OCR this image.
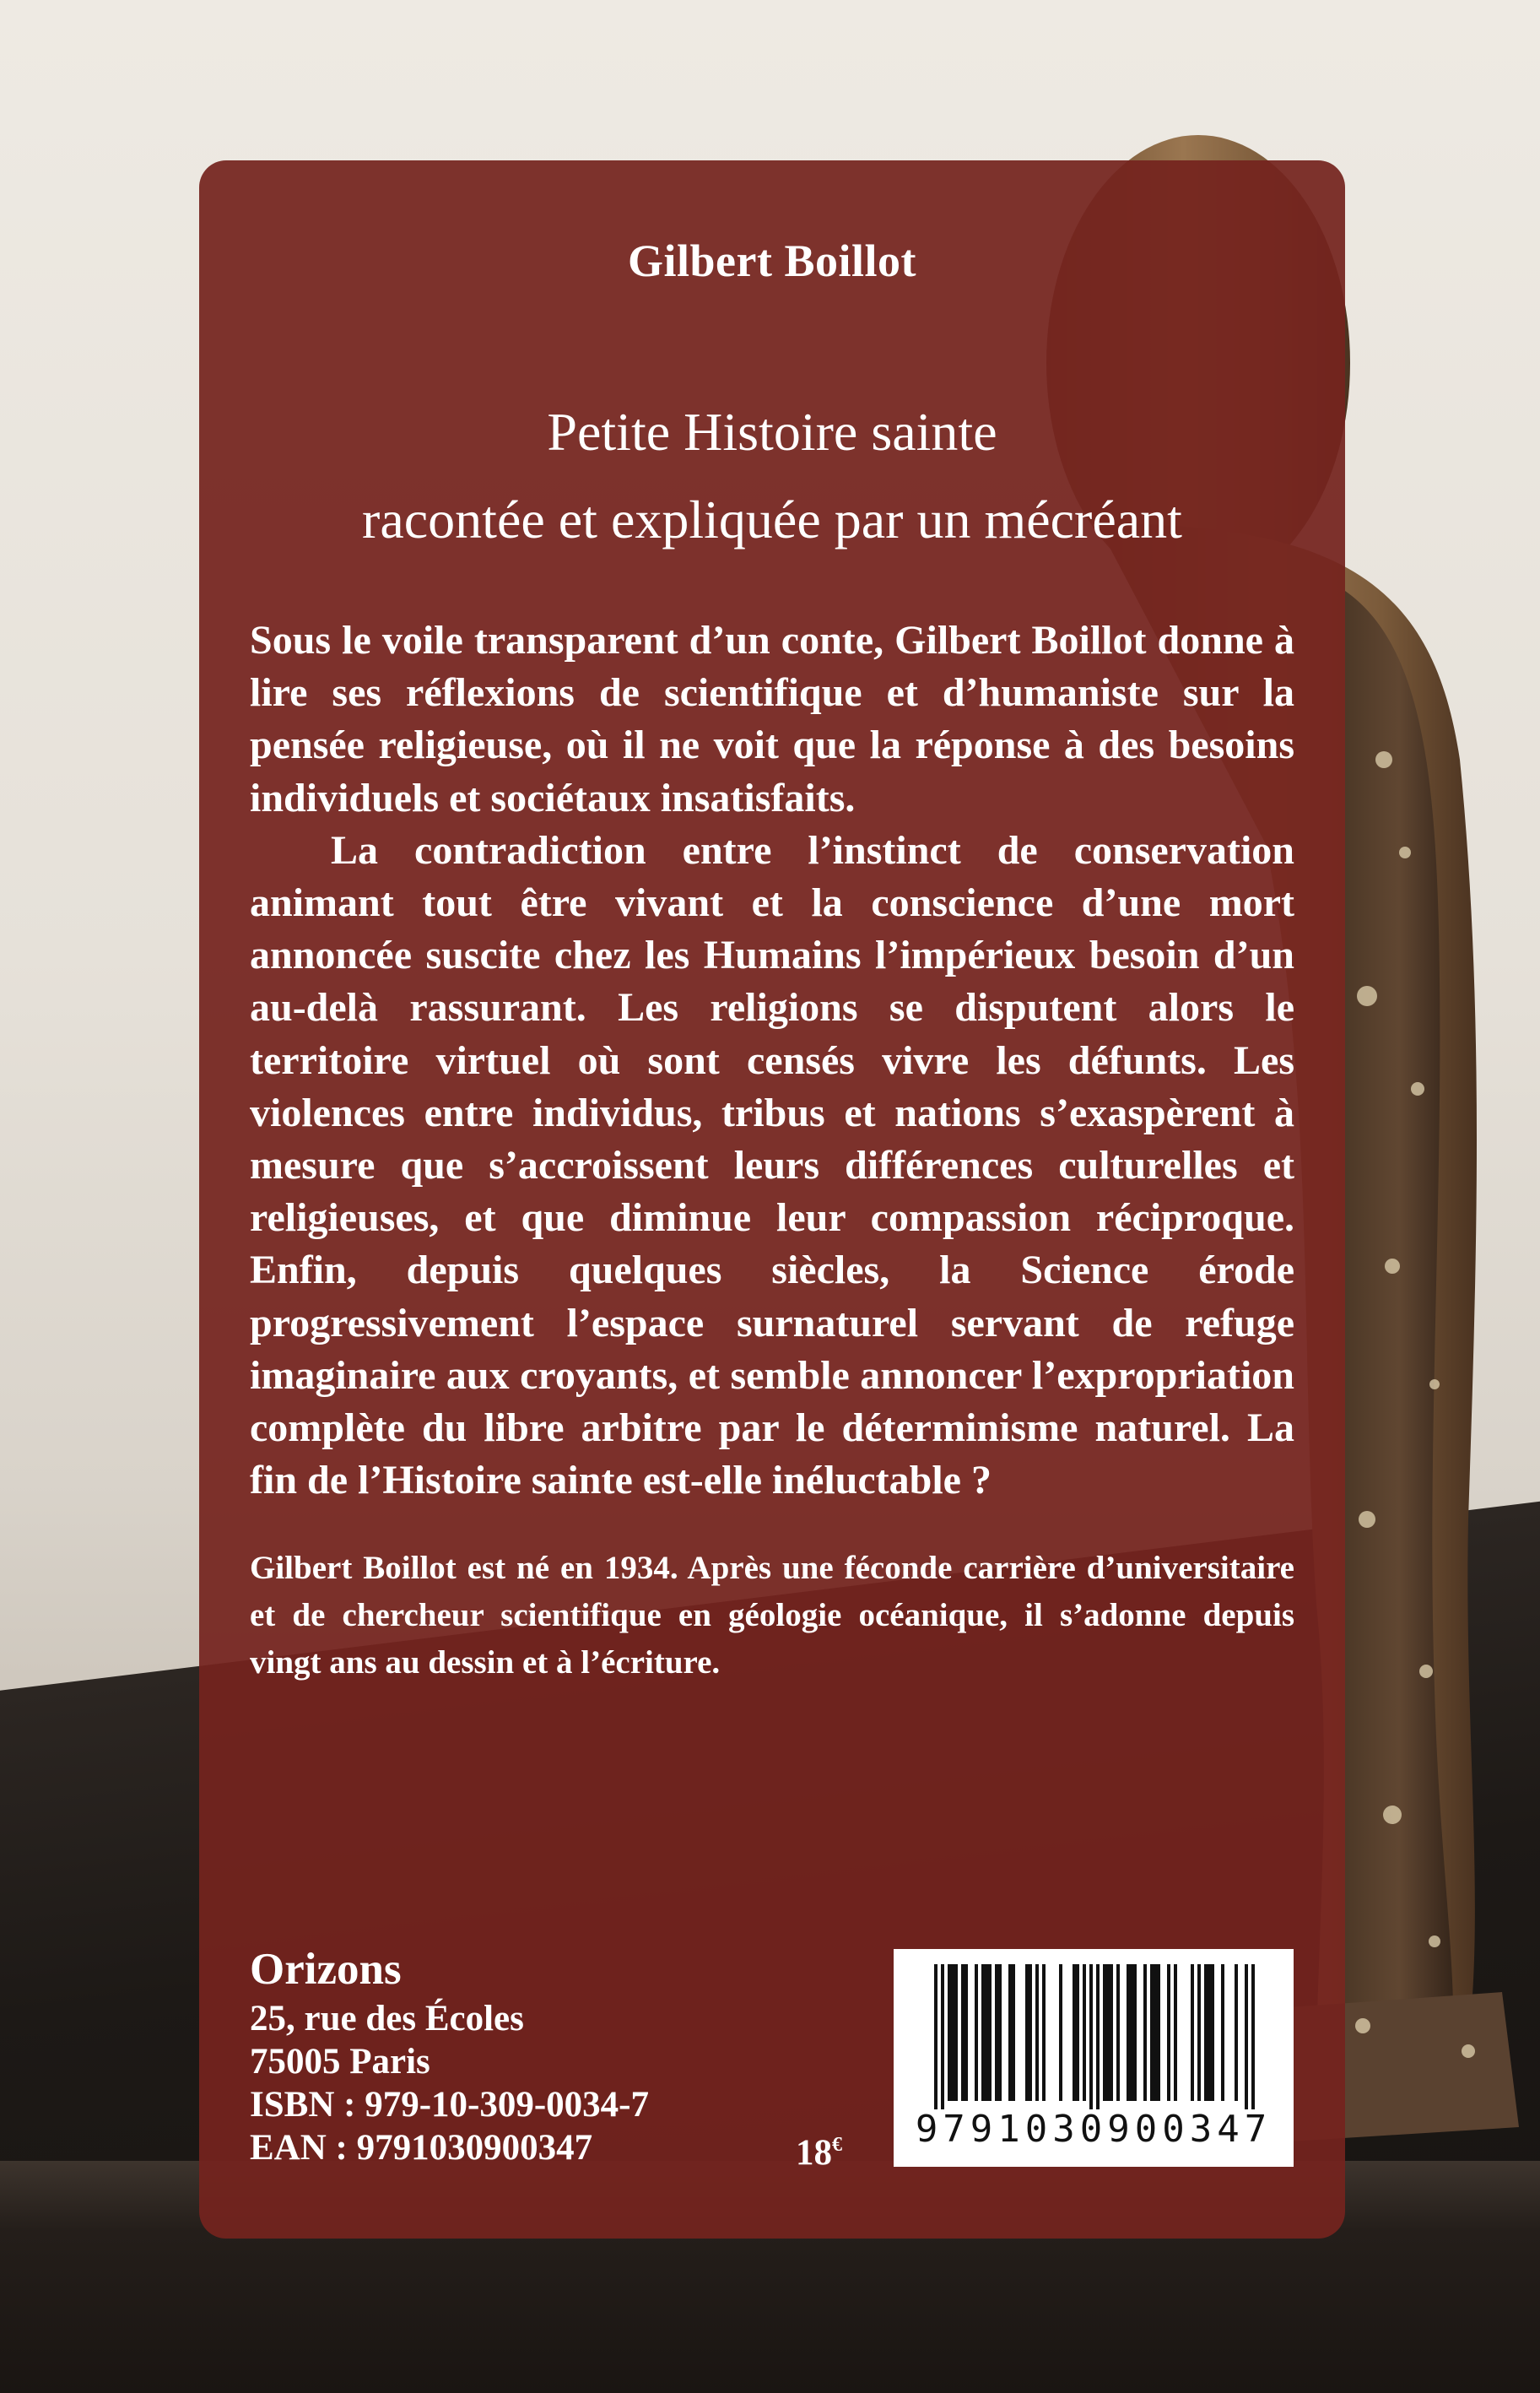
Gilbert Boillot
Petite Histoire sainte
racontée et expliquée par un mécréant

Sous le voile transparent d’un conte, Gilbert Boillot donne à lire ses réflexions de scientifique et d’humaniste sur la pensée religieuse, où il ne voit que la réponse à des besoins individuels et sociétaux insatisfaits.

La contradiction entre l’instinct de conservation animant tout être vivant et la conscience d’une mort annoncée suscite chez les Humains l’impérieux besoin d’un au-delà rassurant. Les religions se disputent alors le territoire virtuel où sont censés vivre les défunts. Les violences entre individus, tribus et nations s’exaspèrent à mesure que s’accroissent leurs différences culturelles et religieuses, et que diminue leur compassion réciproque. Enfin, depuis quelques siècles, la Science érode progressivement l’espace surnaturel servant de refuge imaginaire aux croyants, et semble annoncer l’expropriation complète du libre arbitre par le déterminisme naturel. La fin de l’Histoire sainte est-elle inéluctable ?

Gilbert Boillot est né en 1934. Après une féconde carrière d’universitaire et de chercheur scientifique en géologie océanique, il s’adonne depuis vingt ans au dessin et à l’écriture.
Orizons
25, rue des Écoles
75005 Paris
ISBN : 979-10-309-0034-7
EAN : 9791030900347	18€	9791030900347
